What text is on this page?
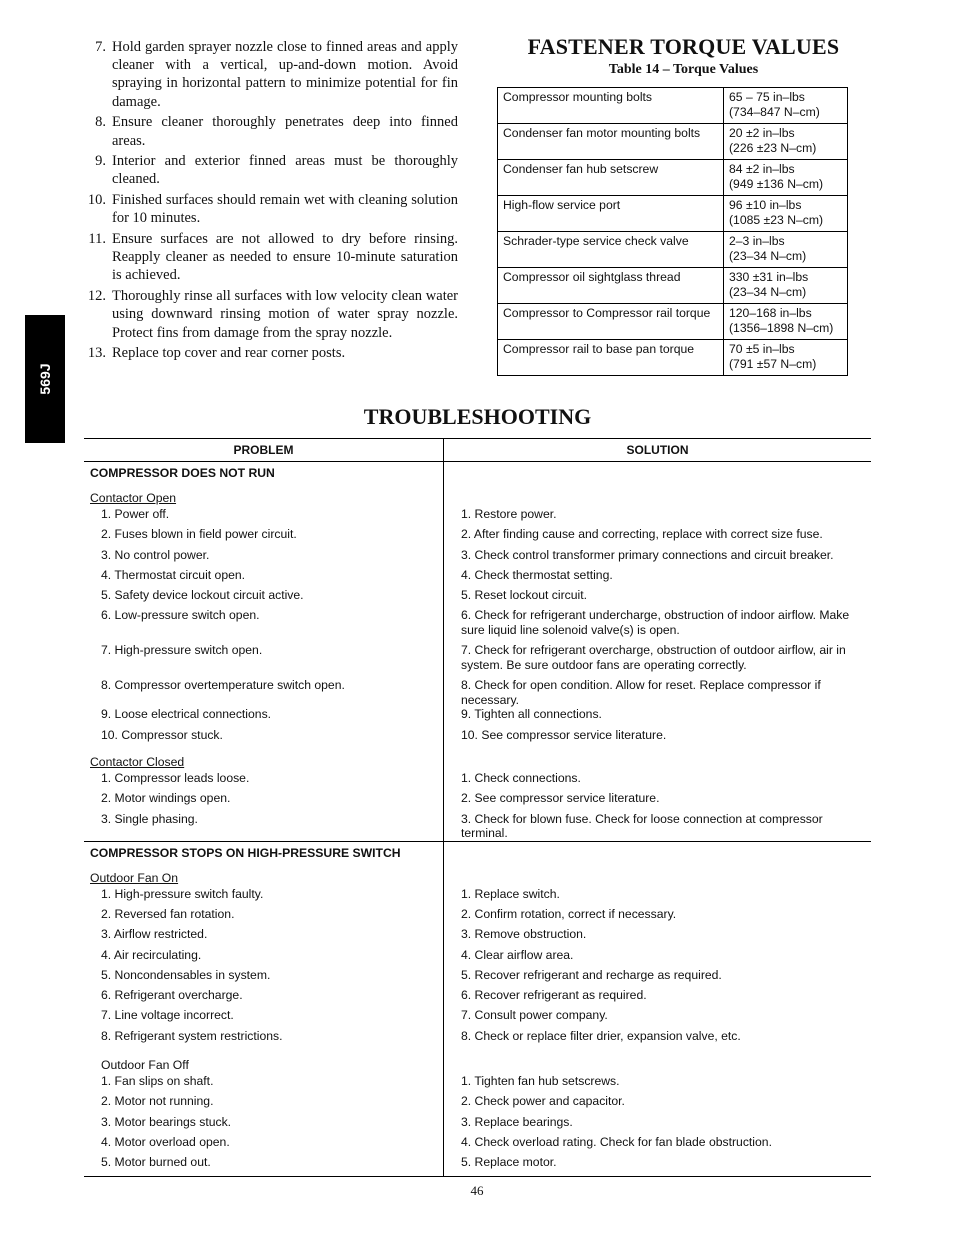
569J
7. Hold garden sprayer nozzle close to finned areas and apply cleaner with a vertical, up-and-down motion. Avoid spraying in horizontal pattern to minimize potential for fin damage.
8. Ensure cleaner thoroughly penetrates deep into finned areas.
9. Interior and exterior finned areas must be thoroughly cleaned.
10. Finished surfaces should remain wet with cleaning solution for 10 minutes.
11. Ensure surfaces are not allowed to dry before rinsing. Reapply cleaner as needed to ensure 10-minute saturation is achieved.
12. Thoroughly rinse all surfaces with low velocity clean water using downward rinsing motion of water spray nozzle. Protect fins from damage from the spray nozzle.
13. Replace top cover and rear corner posts.
FASTENER TORQUE VALUES
Table 14 – Torque Values
Compressor mounting bolts	65 – 75 in–lbs
(734–847 N–cm)

Condenser fan motor mounting bolts	20 ±2 in–lbs
(226 ±23 N–cm)

Condenser fan hub setscrew	84 ±2 in–lbs
(949 ±136 N–cm)

High-flow service port	96 ±10 in–lbs
(1085 ±23 N–cm)

Schrader-type service check valve	2–3 in–lbs
(23–34 N–cm)

Compressor oil sightglass thread	330 ±31 in–lbs
(23–34 N–cm)

Compressor to Compressor rail torque	120–168 in–lbs
(1356–1898 N–cm)

Compressor rail to base pan torque	70 ±5 in–lbs
(791 ±57 N–cm)
TROUBLESHOOTING
PROBLEM	SOLUTION
COMPRESSOR DOES NOT RUN	
Contactor Open	
1. Power off.	1. Restore power.
2. Fuses blown in field power circuit.	2. After finding cause and correcting, replace with correct size fuse.
3. No control power.	3. Check control transformer primary connections and circuit breaker.
4. Thermostat circuit open.	4. Check thermostat setting.
5. Safety device lockout circuit active.	5. Reset lockout circuit.
6. Low-pressure switch open.	6. Check for refrigerant undercharge, obstruction of indoor airflow. Make sure liquid line solenoid valve(s) is open.
7. High-pressure switch open.	7. Check for refrigerant overcharge, obstruction of outdoor airflow, air in system. Be sure outdoor fans are operating correctly.
8. Compressor overtemperature switch open.	8. Check for open condition. Allow for reset. Replace compressor if necessary.
9. Loose electrical connections.	9. Tighten all connections.
10. Compressor stuck.	10. See compressor service literature.
Contactor Closed	
1. Compressor leads loose.	1. Check connections.
2. Motor windings open.	2. See compressor service literature.
3. Single phasing.	3. Check for blown fuse. Check for loose connection at compressor terminal.
COMPRESSOR STOPS ON HIGH-PRESSURE SWITCH	
Outdoor Fan On	
1. High-pressure switch faulty.	1. Replace switch.
2. Reversed fan rotation.	2. Confirm rotation, correct if necessary.
3. Airflow restricted.	3. Remove obstruction.
4. Air recirculating.	4. Clear airflow area.
5. Noncondensables in system.	5. Recover refrigerant and recharge as required.
6. Refrigerant overcharge.	6. Recover refrigerant as required.
7. Line voltage incorrect.	7. Consult power company.
8. Refrigerant system restrictions.	8. Check or replace filter drier, expansion valve, etc.
Outdoor Fan Off	
1. Fan slips on shaft.	1. Tighten fan hub setscrews.
2. Motor not running.	2. Check power and capacitor.
3. Motor bearings stuck.	3. Replace bearings.
4. Motor overload open.	4. Check overload rating. Check for fan blade obstruction.
5. Motor burned out.	5. Replace motor.
46
